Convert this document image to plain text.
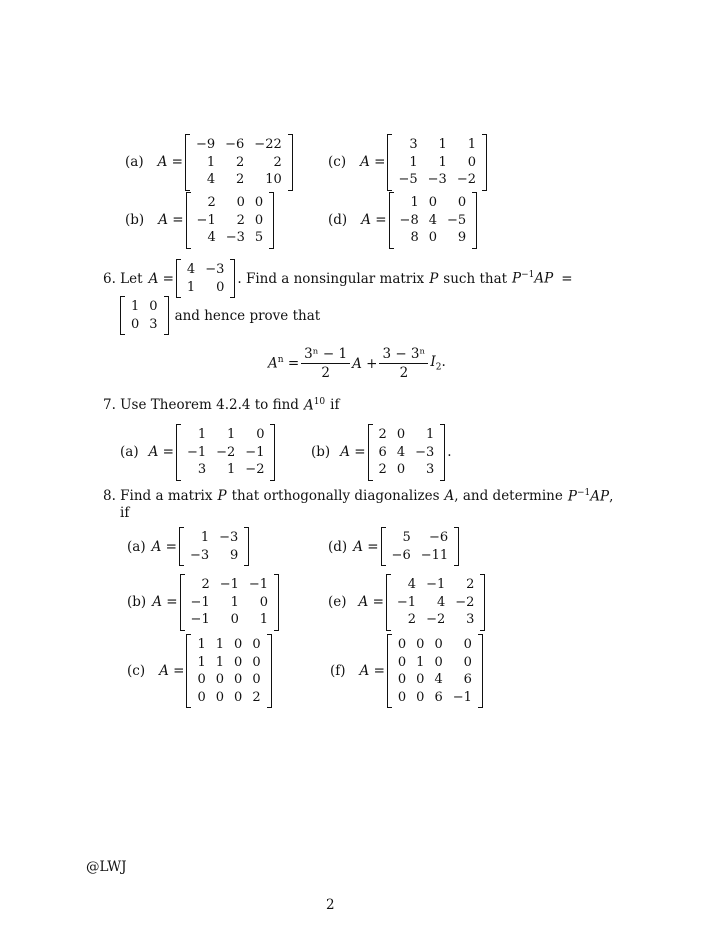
(a) A =
−9	−6	−22
1	2	2
4	2	10
(c) A =
3	1	1
1	1	0
−5	−3	−2
(b) A =
2	0	0
−1	2	0
4	−3	5
(d) A =
1	0	0
−8	4	−5
8	0	9
6. Let A =
4	−3
1	0
. Find a nonsingular matrix P such that $P^{-1}AP$ =
1	0
0	3
and hence prove that
$A^n = \frac{\text{3ⁿ − 1}}{2}$ $A + \frac{\text{3 − 3ⁿ}}{2} I_2$.
7. Use Theorem 4.2.4 to find $A^{10}$ if
(a) A =
1	1	0
−1	−2	−1
3	1	−2
(b) A =
2	0	1
6	4	−3
2	0	3
.
8. Find a matrix P that orthogonally diagonalizes A , and determine $P^{-1}AP$,
if
(a) A =
1	−3
−3	9
(d) A =
5	−6
−6	−11
(b) A =
2	−1	−1
−1	1	0
−1	0	1
(e) A =
4	−1	2
−1	4	−2
2	−2	3
(c) A =
1	1	0	0
1	1	0	0
0	0	0	0
0	0	0	2
(f) A =
0	0	0	0
0	1	0	0
0	0	4	6
0	0	6	−1
@LWJ
2
